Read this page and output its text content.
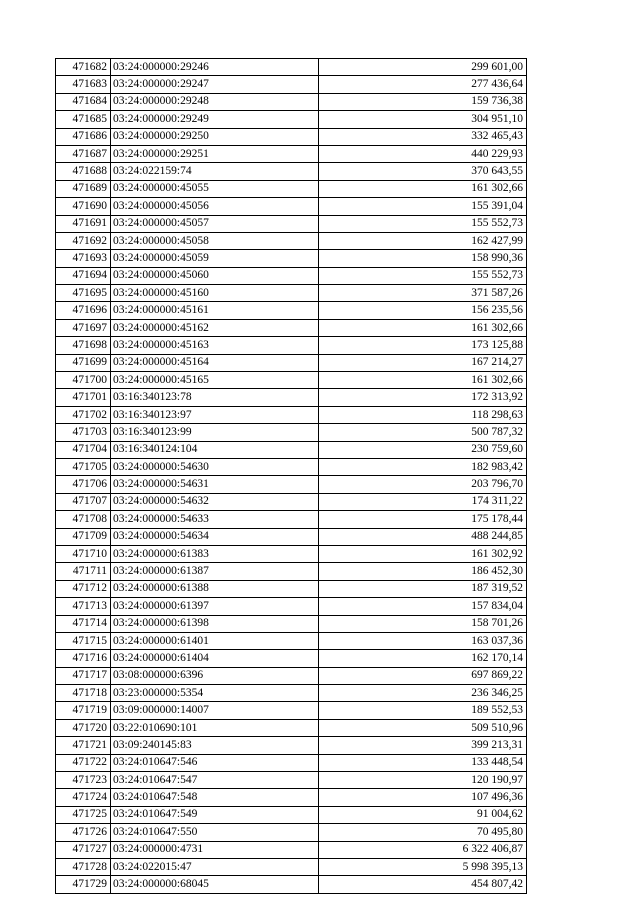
471682	03:24:000000:29246	299 601,00
471683	03:24:000000:29247	277 436,64
471684	03:24:000000:29248	159 736,38
471685	03:24:000000:29249	304 951,10
471686	03:24:000000:29250	332 465,43
471687	03:24:000000:29251	440 229,93
471688	03:24:022159:74	370 643,55
471689	03:24:000000:45055	161 302,66
471690	03:24:000000:45056	155 391,04
471691	03:24:000000:45057	155 552,73
471692	03:24:000000:45058	162 427,99
471693	03:24:000000:45059	158 990,36
471694	03:24:000000:45060	155 552,73
471695	03:24:000000:45160	371 587,26
471696	03:24:000000:45161	156 235,56
471697	03:24:000000:45162	161 302,66
471698	03:24:000000:45163	173 125,88
471699	03:24:000000:45164	167 214,27
471700	03:24:000000:45165	161 302,66
471701	03:16:340123:78	172 313,92
471702	03:16:340123:97	118 298,63
471703	03:16:340123:99	500 787,32
471704	03:16:340124:104	230 759,60
471705	03:24:000000:54630	182 983,42
471706	03:24:000000:54631	203 796,70
471707	03:24:000000:54632	174 311,22
471708	03:24:000000:54633	175 178,44
471709	03:24:000000:54634	488 244,85
471710	03:24:000000:61383	161 302,92
471711	03:24:000000:61387	186 452,30
471712	03:24:000000:61388	187 319,52
471713	03:24:000000:61397	157 834,04
471714	03:24:000000:61398	158 701,26
471715	03:24:000000:61401	163 037,36
471716	03:24:000000:61404	162 170,14
471717	03:08:000000:6396	697 869,22
471718	03:23:000000:5354	236 346,25
471719	03:09:000000:14007	189 552,53
471720	03:22:010690:101	509 510,96
471721	03:09:240145:83	399 213,31
471722	03:24:010647:546	133 448,54
471723	03:24:010647:547	120 190,97
471724	03:24:010647:548	107 496,36
471725	03:24:010647:549	91 004,62
471726	03:24:010647:550	70 495,80
471727	03:24:000000:4731	6 322 406,87
471728	03:24:022015:47	5 998 395,13
471729	03:24:000000:68045	454 807,42
